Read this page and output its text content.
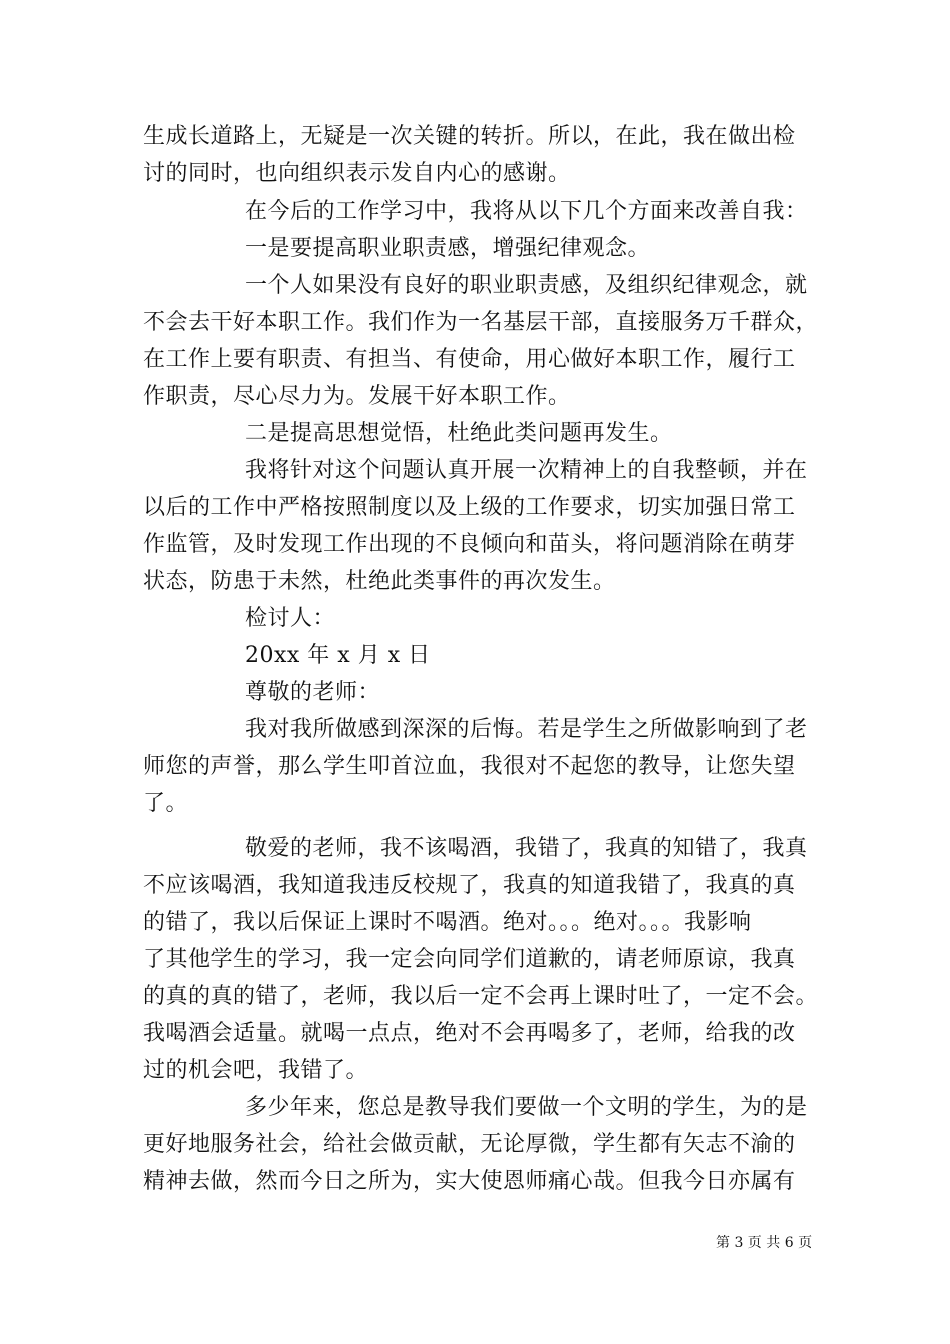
生成长道路上，无疑是一次关键的转折。所以，在此，我在做出检
讨的同时，也向组织表示发自内心的感谢。
在今后的工作学习中，我将从以下几个方面来改善自我：
一是要提高职业职责感，增强纪律观念。
一个人如果没有良好的职业职责感，及组织纪律观念，就
不会去干好本职工作。我们作为一名基层干部，直接服务万千群众，
在工作上要有职责、有担当、有使命，用心做好本职工作，履行工
作职责，尽心尽力为。发展干好本职工作。
二是提高思想觉悟，杜绝此类问题再发生。
我将针对这个问题认真开展一次精神上的自我整顿，并在
以后的工作中严格按照制度以及上级的工作要求，切实加强日常工
作监管，及时发现工作出现的不良倾向和苗头，将问题消除在萌芽
状态，防患于未然，杜绝此类事件的再次发生。
检讨人：
20xx 年 x 月 x 日
尊敬的老师：
我对我所做感到深深的后悔。若是学生之所做影响到了老
师您的声誉，那么学生叩首泣血，我很对不起您的教导，让您失望
了。
敬爱的老师，我不该喝酒，我错了，我真的知错了，我真
不应该喝酒，我知道我违反校规了，我真的知道我错了，我真的真
的错了，我以后保证上课时不喝酒。绝对。。。绝对。。。我影响
了其他学生的学习，我一定会向同学们道歉的，请老师原谅，我真
的真的真的错了，老师，我以后一定不会再上课时吐了，一定不会。
我喝酒会适量。就喝一点点，绝对不会再喝多了，老师，给我的改
过的机会吧，我错了。
多少年来，您总是教导我们要做一个文明的学生，为的是
更好地服务社会，给社会做贡献，无论厚微，学生都有矢志不渝的
精神去做，然而今日之所为，实大使恩师痛心哉。但我今日亦属有
第 3 页 共 6 页
